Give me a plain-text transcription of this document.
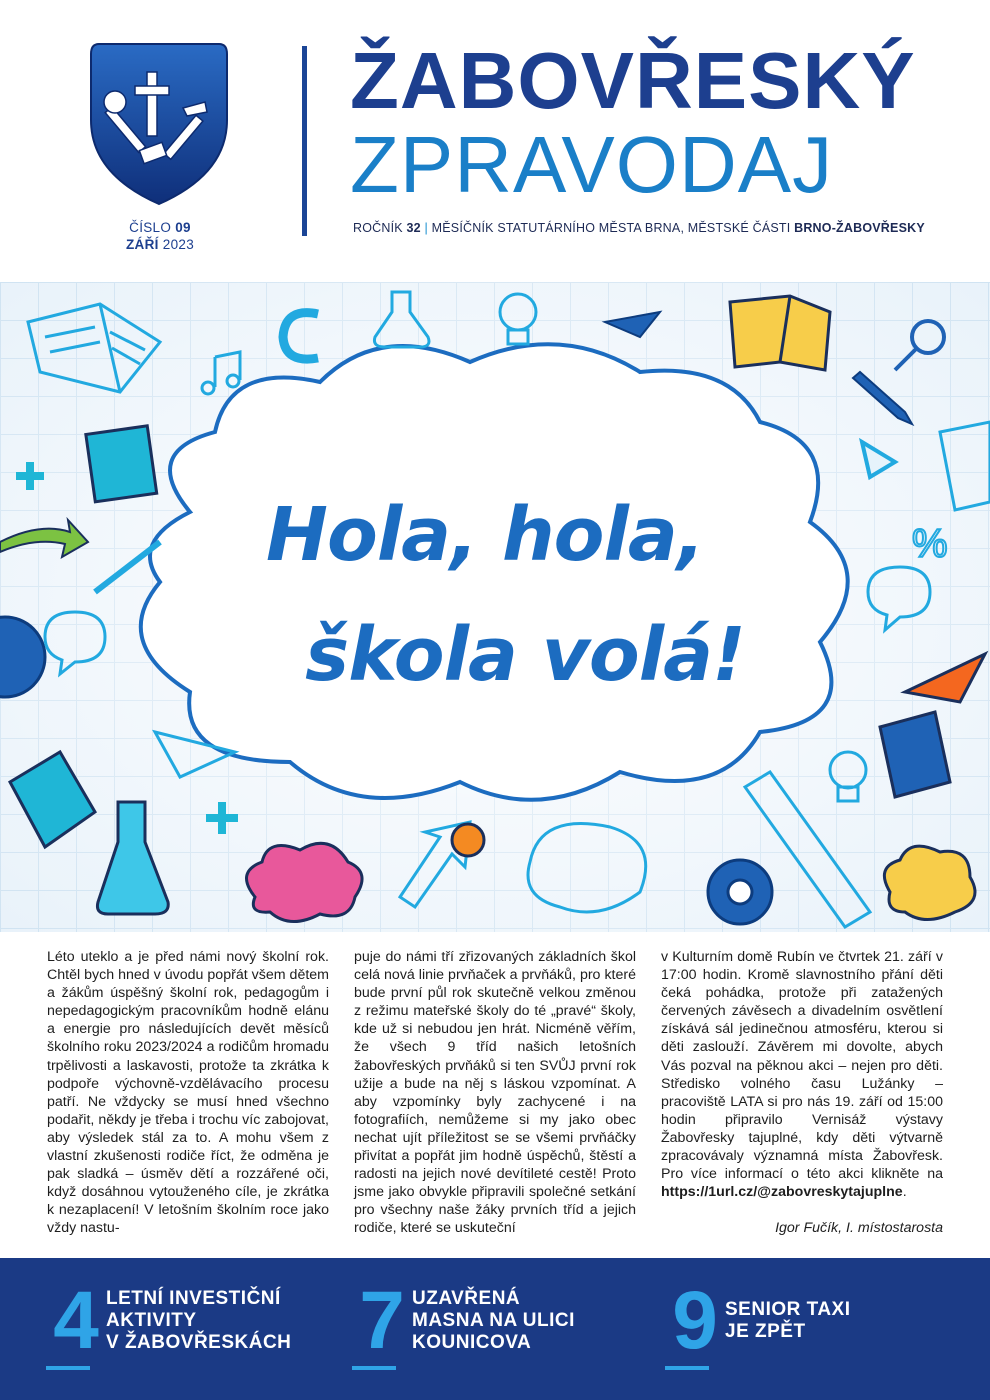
ČÍSLO 09
ZÁŘÍ 2023
ŽABOVŘESKÝ
ZPRAVODAJ
ROČNÍK 32 | MĚSÍČNÍK STATUTÁRNÍHO MĚSTA BRNA, MĚSTSKÉ ČÁSTI BRNO-ŽABOVŘESKY
%
Hola, hola,
škola volá!
Léto uteklo a je před námi nový školní rok. Chtěl bych hned v úvodu popřát všem dětem a žákům úspěšný školní rok, pedagogům i nepedagogickým pracovníkům hodně elánu a energie pro následujících devět měsíců školního roku 2023/2024 a rodičům hromadu trpělivosti a laskavosti, protože ta zkrátka k podpoře výchovně-vzdělávacího procesu patří. Ne vždycky se musí hned všechno podařit, někdy je třeba i trochu víc zabojovat, aby výsledek stál za to. A mohu všem z vlastní zkušenosti rodiče říct, že odměna je pak sladká – úsměv dětí a rozzářené oči, když dosáhnou vytouženého cíle, je zkrátka k nezaplacení! V letošním školním roce jako vždy nastu-
puje do námi tří zřizovaných základních škol celá nová linie prvňaček a prvňáků, pro které bude první půl rok skutečně velkou změnou z režimu mateřské školy do té „pravé“ školy, kde už si nebudou jen hrát. Nicméně věřím, že všech 9 tříd našich letošních žabovřeských prvňáků si ten SVŮJ první rok užije a bude na něj s láskou vzpomínat. A aby vzpomínky byly zachycené i na fotografiích, nemůžeme si my jako obec nechat ujít příležitost se se všemi prvňáčky přivítat a popřát jim hodně úspěchů, štěstí a radosti na jejich nové devítileté cestě! Proto jsme jako obvykle připravili společné setkání pro všechny naše žáky prvních tříd a jejich rodiče, které se uskuteční
v Kulturním domě Rubín ve čtvrtek 21. září v 17:00 hodin. Kromě slavnostního přání děti čeká pohádka, protože při zatažených červených závěsech a divadelním osvětlení získává sál jedinečnou atmosféru, kterou si děti zaslouží. Závěrem mi dovolte, abych Vás pozval na pěknou akci – nejen pro děti. Středisko volného času Lužánky – pracoviště LATA si pro nás 19. září od 15:00 hodin připravilo Vernisáž výstavy Žabovřesky tajuplné, kdy děti výtvarně zpracovávaly významná místa Žabovřesk. Pro více informací o této akci klikněte na https://1url.cz/@zabovreskytajuplne.
Igor Fučík, I. místostarosta
4 LETNÍ INVESTIČNÍ
AKTIVITY
V ŽABOVŘESKÁCH 7 UZAVŘENÁ
MASNA NA ULICI
KOUNICOVA	9 SENIOR TAXI
JE ZPĚT
